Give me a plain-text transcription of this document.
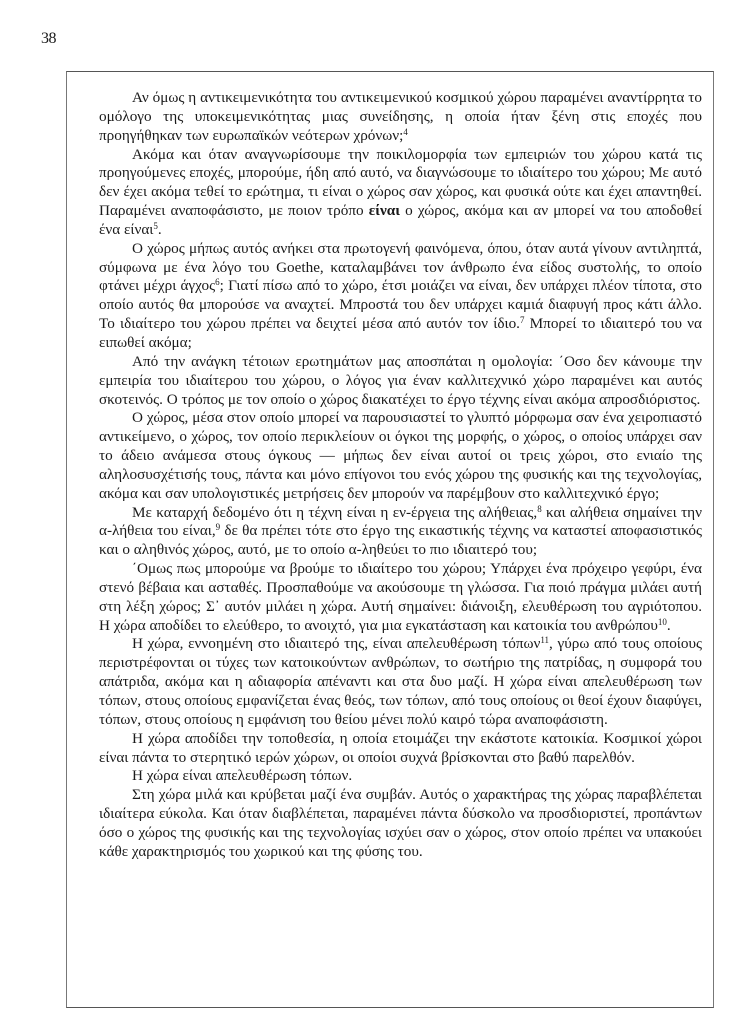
38

Αν όμως η αντικειμενικότητα του αντικειμενικού κοσμικού χώρου παραμένει αναντίρρητα το ομόλογο της υποκειμενικότητας μιας συνείδησης, η οποία ήταν ξένη στις εποχές που προηγήθηκαν των ευρωπαϊκών νεότερων χρόνων;$^4$

Ακόμα και όταν αναγνωρίσουμε την ποικιλομορφία των εμπειριών του χώρου κατά τις προηγούμενες εποχές, μπορούμε, ήδη από αυτό, να διαγνώσουμε το ιδιαίτερο του χώρου; Με αυτό δεν έχει ακόμα τεθεί το ερώτημα, τι είναι ο χώρος σαν χώρος, και φυσικά ούτε και έχει απαντηθεί. Παραμένει αναποφάσιστο, με ποιον τρόπο είναι ο χώρος, ακόμα και αν μπορεί να του αποδοθεί ένα είναι$^5$.

Ο χώρος μήπως αυτός ανήκει στα πρωτογενή φαινόμενα, όπου, όταν αυτά γίνουν αντιληπτά, σύμφωνα με ένα λόγο του Goethe, καταλαμβάνει τον άνθρωπο ένα είδος συστολής, το οποίο φτάνει μέχρι άγχος$^6$; Γιατί πίσω από το χώρο, έτσι μοιάζει να είναι, δεν υπάρχει πλέον τίποτα, στο οποίο αυτός θα μπορούσε να αναχτεί. Μπροστά του δεν υπάρχει καμιά διαφυγή προς κάτι άλλο. Το ιδιαίτερο του χώρου πρέπει να δειχτεί μέσα από αυτόν τον ίδιο.$^7$ Μπορεί το ιδιαιτερό του να ειπωθεί ακόμα;

Από την ανάγκη τέτοιων ερωτημάτων μας αποσπάται η ομολογία: ΄Οσο δεν κάνουμε την εμπειρία του ιδιαίτερου του χώρου, ο λόγος για έναν καλλιτεχνικό χώρο παραμένει και αυτός σκοτεινός. Ο τρόπος με τον οποίο ο χώρος διακατέχει το έργο τέχνης είναι ακόμα απροσδιόριστος.

Ο χώρος, μέσα στον οποίο μπορεί να παρουσιαστεί το γλυπτό μόρφωμα σαν ένα χειροπιαστό αντικείμενο, ο χώρος, τον οποίο περικλείουν οι όγκοι της μορφής, ο χώρος, ο οποίος υπάρχει σαν το άδειο ανάμεσα στους όγκους — μήπως δεν είναι αυτοί οι τρεις χώροι, στο ενιαίο της αληλοσυσχέτισής τους, πάντα και μόνο επίγονοι του ενός χώρου της φυσικής και της τεχνολογίας, ακόμα και σαν υπολογιστικές μετρήσεις δεν μπορούν να παρέμβουν στο καλλιτεχνικό έργο;

Με καταρχή δεδομένο ότι η τέχνη είναι η εν-έργεια της αλήθειας,$^8$ και αλήθεια σημαίνει την α-λήθεια του είναι,$^9$ δε θα πρέπει τότε στο έργο της εικαστικής τέχνης να καταστεί αποφασιστικός και ο αληθινός χώρος, αυτό, με το οποίο α-ληθεύει το πιο ιδιαιτερό του;

΄Ομως πως μπορούμε να βρούμε το ιδιαίτερο του χώρου; Υπάρχει ένα πρόχειρο γεφύρι, ένα στενό βέβαια και ασταθές. Προσπαθούμε να ακούσουμε τη γλώσσα. Για ποιό πράγμα μιλάει αυτή στη λέξη χώρος; Σ᾽ αυτόν μιλάει η χώρα. Αυτή σημαίνει: διάνοιξη, ελευθέρωση του αγριότοπου. Η χώρα αποδίδει το ελεύθερο, το ανοιχτό, για μια εγκατάσταση και κατοικία του ανθρώπου$^{10}$.

Η χώρα, εννοημένη στο ιδιαιτερό της, είναι απελευθέρωση τόπων$^{11}$, γύρω από τους οποίους περιστρέφονται οι τύχες των κατοικούντων ανθρώπων, το σωτήριο της πατρίδας, η συμφορά του απάτριδα, ακόμα και η αδιαφορία απέναντι και στα δυο μαζί. Η χώρα είναι απελευθέρωση των τόπων, στους οποίους εμφανίζεται ένας θεός, των τόπων, από τους οποίους οι θεοί έχουν διαφύγει, τόπων, στους οποίους η εμφάνιση του θείου μένει πολύ καιρό τώρα αναποφάσιστη.

Η χώρα αποδίδει την τοποθεσία, η οποία ετοιμάζει την εκάστοτε κατοικία. Κοσμικοί χώροι είναι πάντα το στερητικό ιερών χώρων, οι οποίοι συχνά βρίσκονται στο βαθύ παρελθόν.

Η χώρα είναι απελευθέρωση τόπων.

Στη χώρα μιλά και κρύβεται μαζί ένα συμβάν. Αυτός ο χαρακτήρας της χώρας παραβλέπεται ιδιαίτερα εύκολα. Και όταν διαβλέπεται, παραμένει πάντα δύσκολο να προσδιοριστεί, προπάντων όσο ο χώρος της φυσικής και της τεχνολογίας ισχύει σαν ο χώρος, στον οποίο πρέπει να υπακούει κάθε χαρακτηρισμός του χωρικού και της φύσης του.
